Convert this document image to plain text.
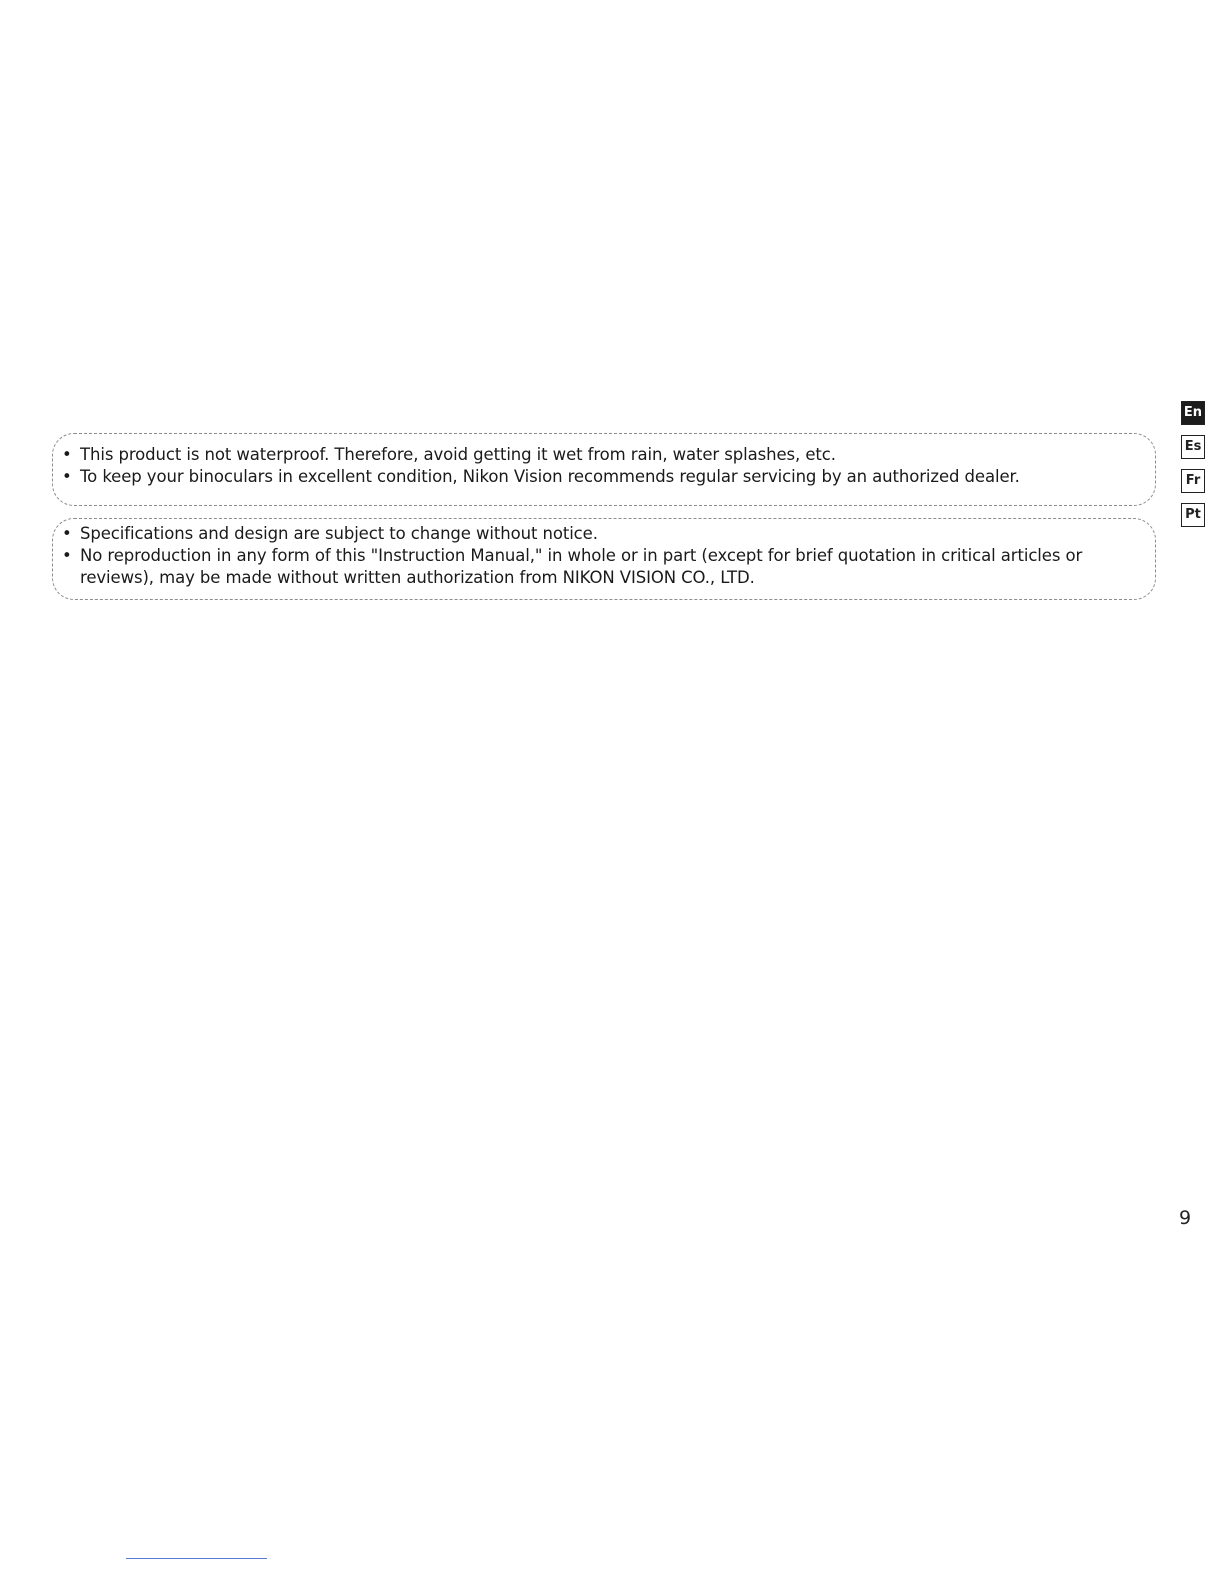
• This product is not waterproof. Therefore, avoid getting it wet from rain, water splashes, etc.
• To keep your binoculars in excellent condition, Nikon Vision recommends regular servicing by an authorized dealer.
• Specifications and design are subject to change without notice.
• No reproduction in any form of this "Instruction Manual," in whole or in part (except for brief quotation in critical articles or reviews), may be made without written authorization from NIKON VISION CO., LTD.
En
Es
Fr
Pt
9
